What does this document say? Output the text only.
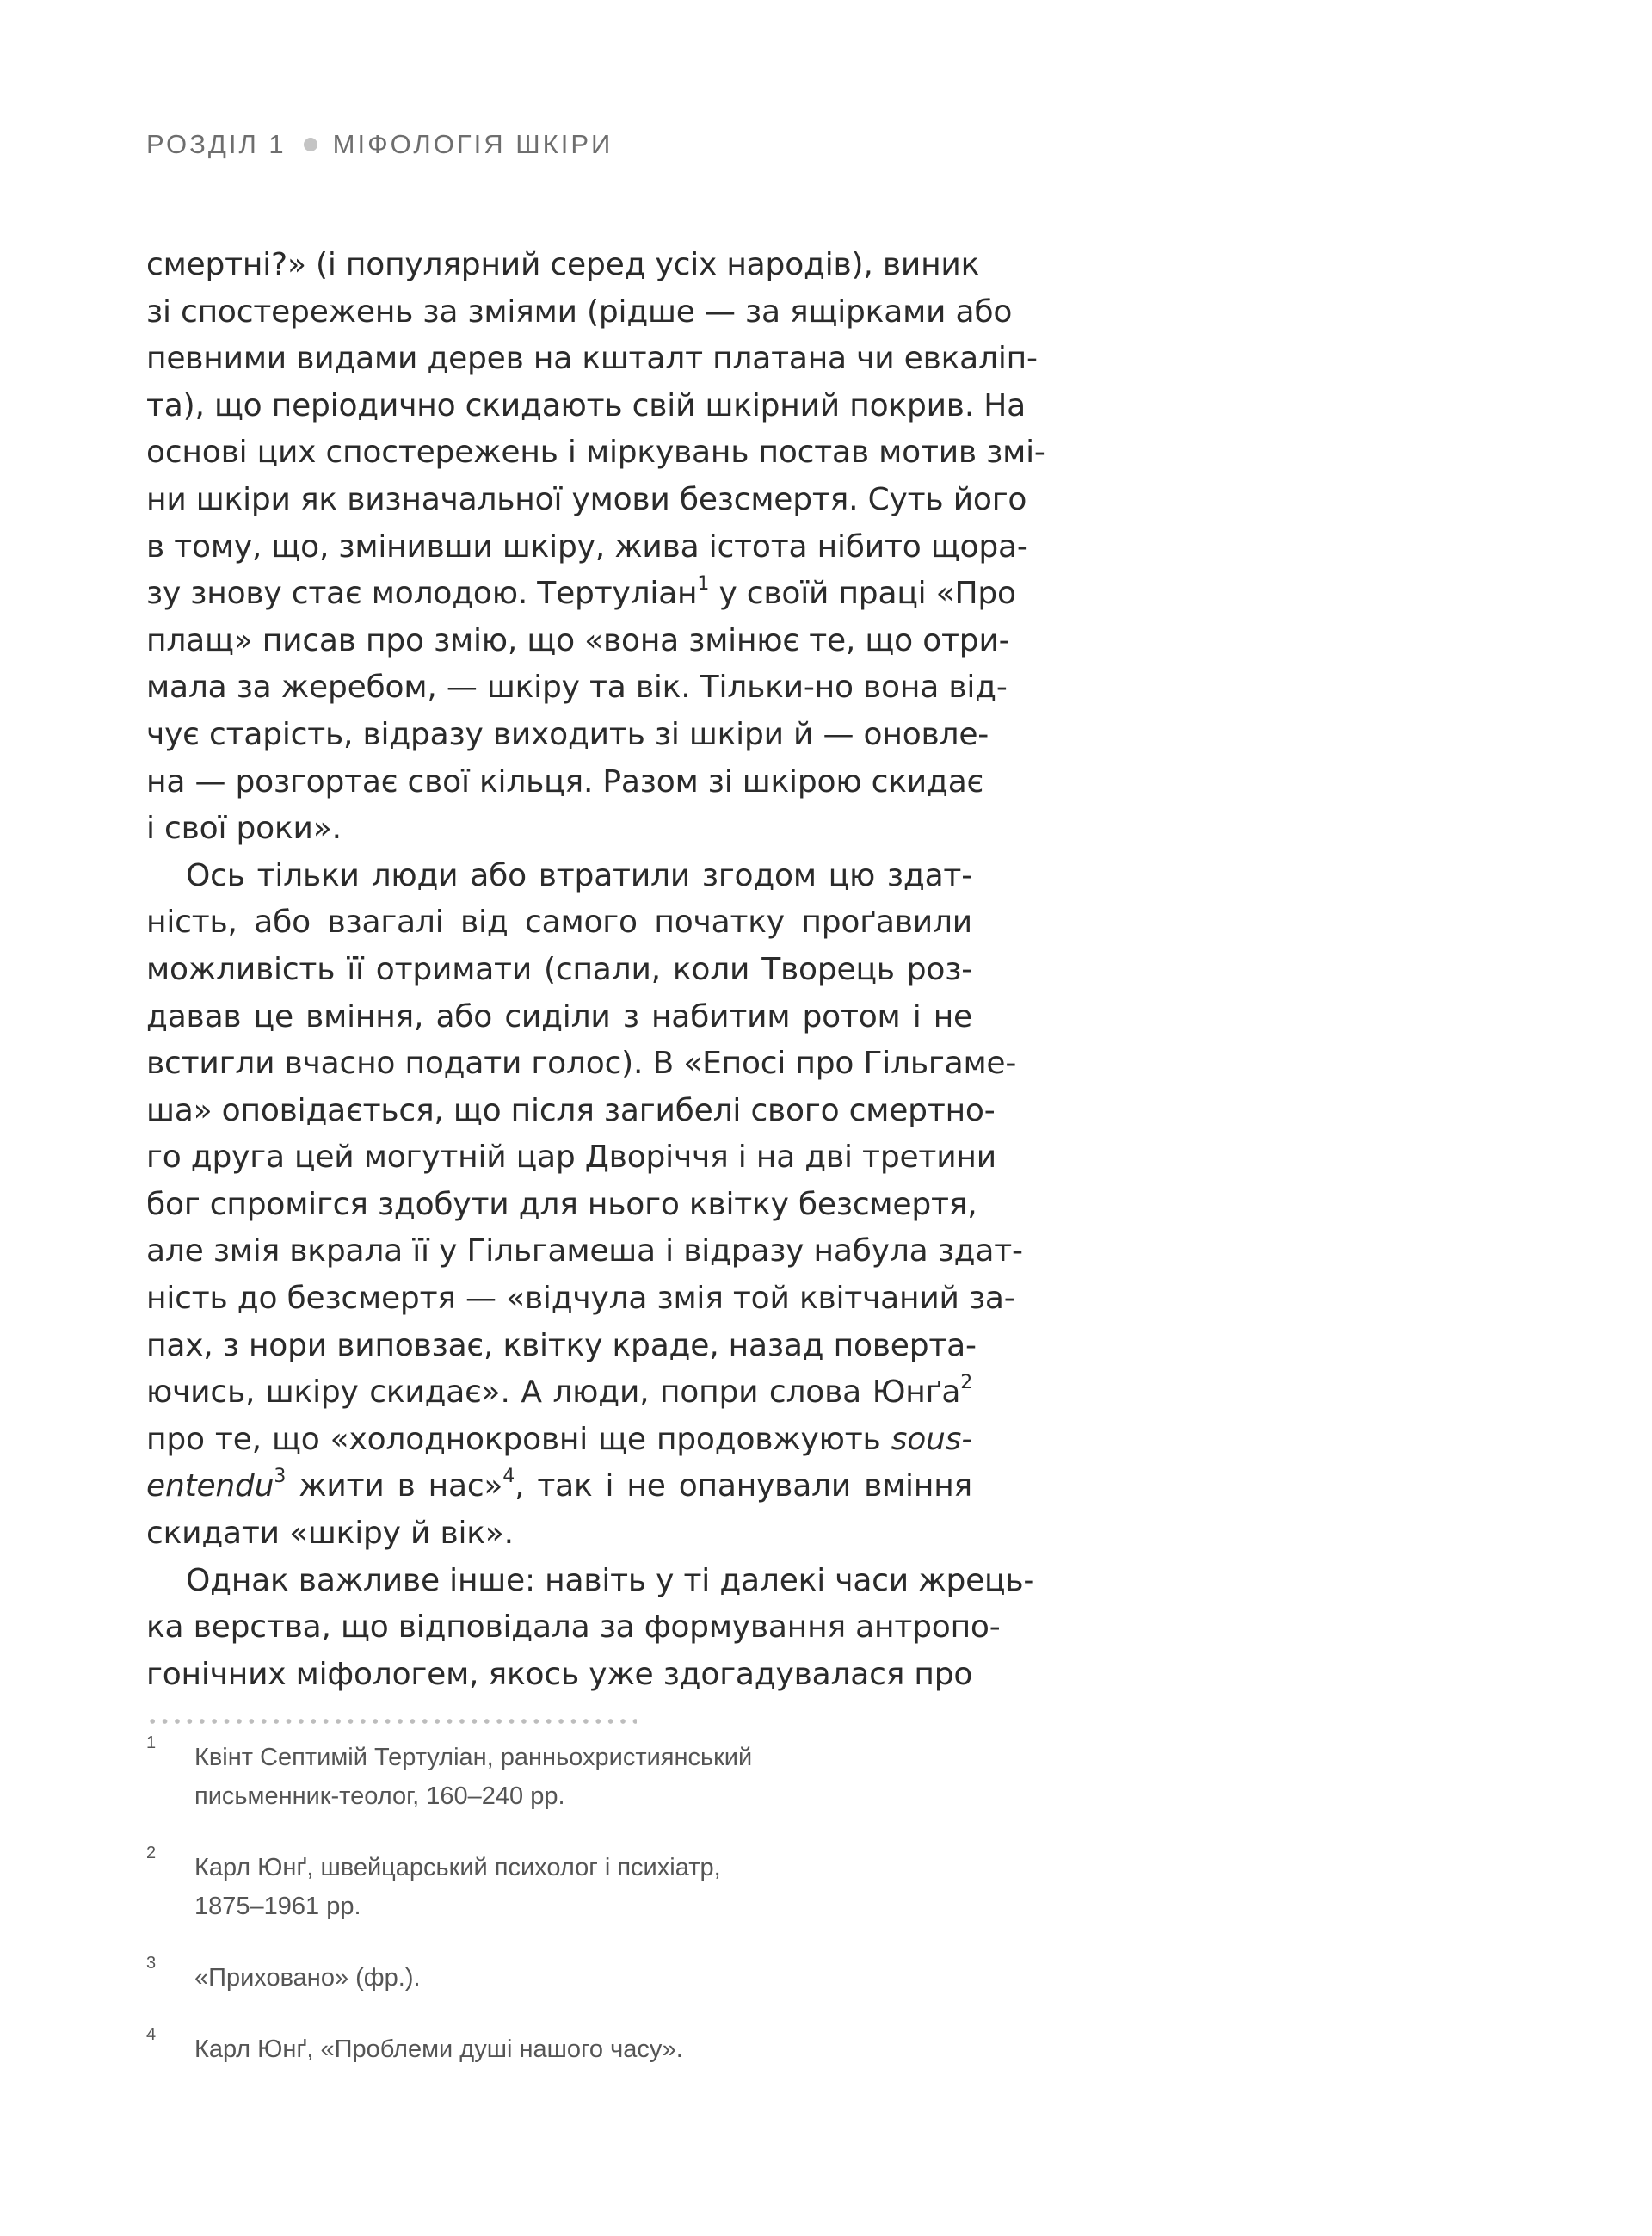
РОЗДІЛ 1 МІФОЛОГІЯ ШКІРИ
смертні?» (і популярний серед усіх народів), виник
зі спостережень за зміями (рідше — за ящірками або
певними видами дерев на кшталт платана чи евкаліп-
та), що періодично скидають свій шкірний покрив. На
основі цих спостережень і міркувань постав мотив змі-
ни шкіри як визначальної умови безсмертя. Суть його
в тому, що, змінивши шкіру, жива істота нібито щора-
зу знову стає молодою. Тертуліан$^1$ у своїй праці «Про
плащ» писав про змію, що «вона змінює те, що отри-
мала за жеребом, — шкіру та вік. Тільки-но вона від-
чує старість, відразу виходить зі шкіри й — оновле-
на — розгортає свої кільця. Разом зі шкірою скидає
і свої роки».
Ось тільки люди або втратили згодом цю здат-
ність, або взагалі від самого початку проґавили
можливість її отримати (спали, коли Творець роз-
давав це вміння, або сиділи з набитим ротом і не
встигли вчасно подати голос). В «Епосі про Гільгаме-
ша» оповідається, що після загибелі свого смертно-
го друга цей могутній цар Дворіччя і на дві третини
бог спромігся здобути для нього квітку безсмертя,
але змія вкрала її у Гільгамеша і відразу набула здат-
ність до безсмертя — «відчула змія той квітчаний за-
пах, з нори виповзає, квітку краде, назад поверта-
ючись, шкіру скидає». А люди, попри слова Юнґа$^2$
про те, що «холоднокровні ще продовжують sous-
entendu$^3$ жити в нас»$^4$, так і не опанували вміння
скидати «шкіру й вік».
Однак важливе інше: навіть у ті далекі часи жрець-
ка верства, що відповідала за формування антропо-
гонічних міфологем, якось уже здогадувалася про
1
Квінт Септимій Тертуліан, ранньохристиянський
письменник-теолог, 160–240 рр.
2
Карл Юнґ, швейцарський психолог і психіатр,
1875–1961 рр.
3
«Приховано» (фр.).
4
Карл Юнґ, «Проблеми душі нашого часу».
